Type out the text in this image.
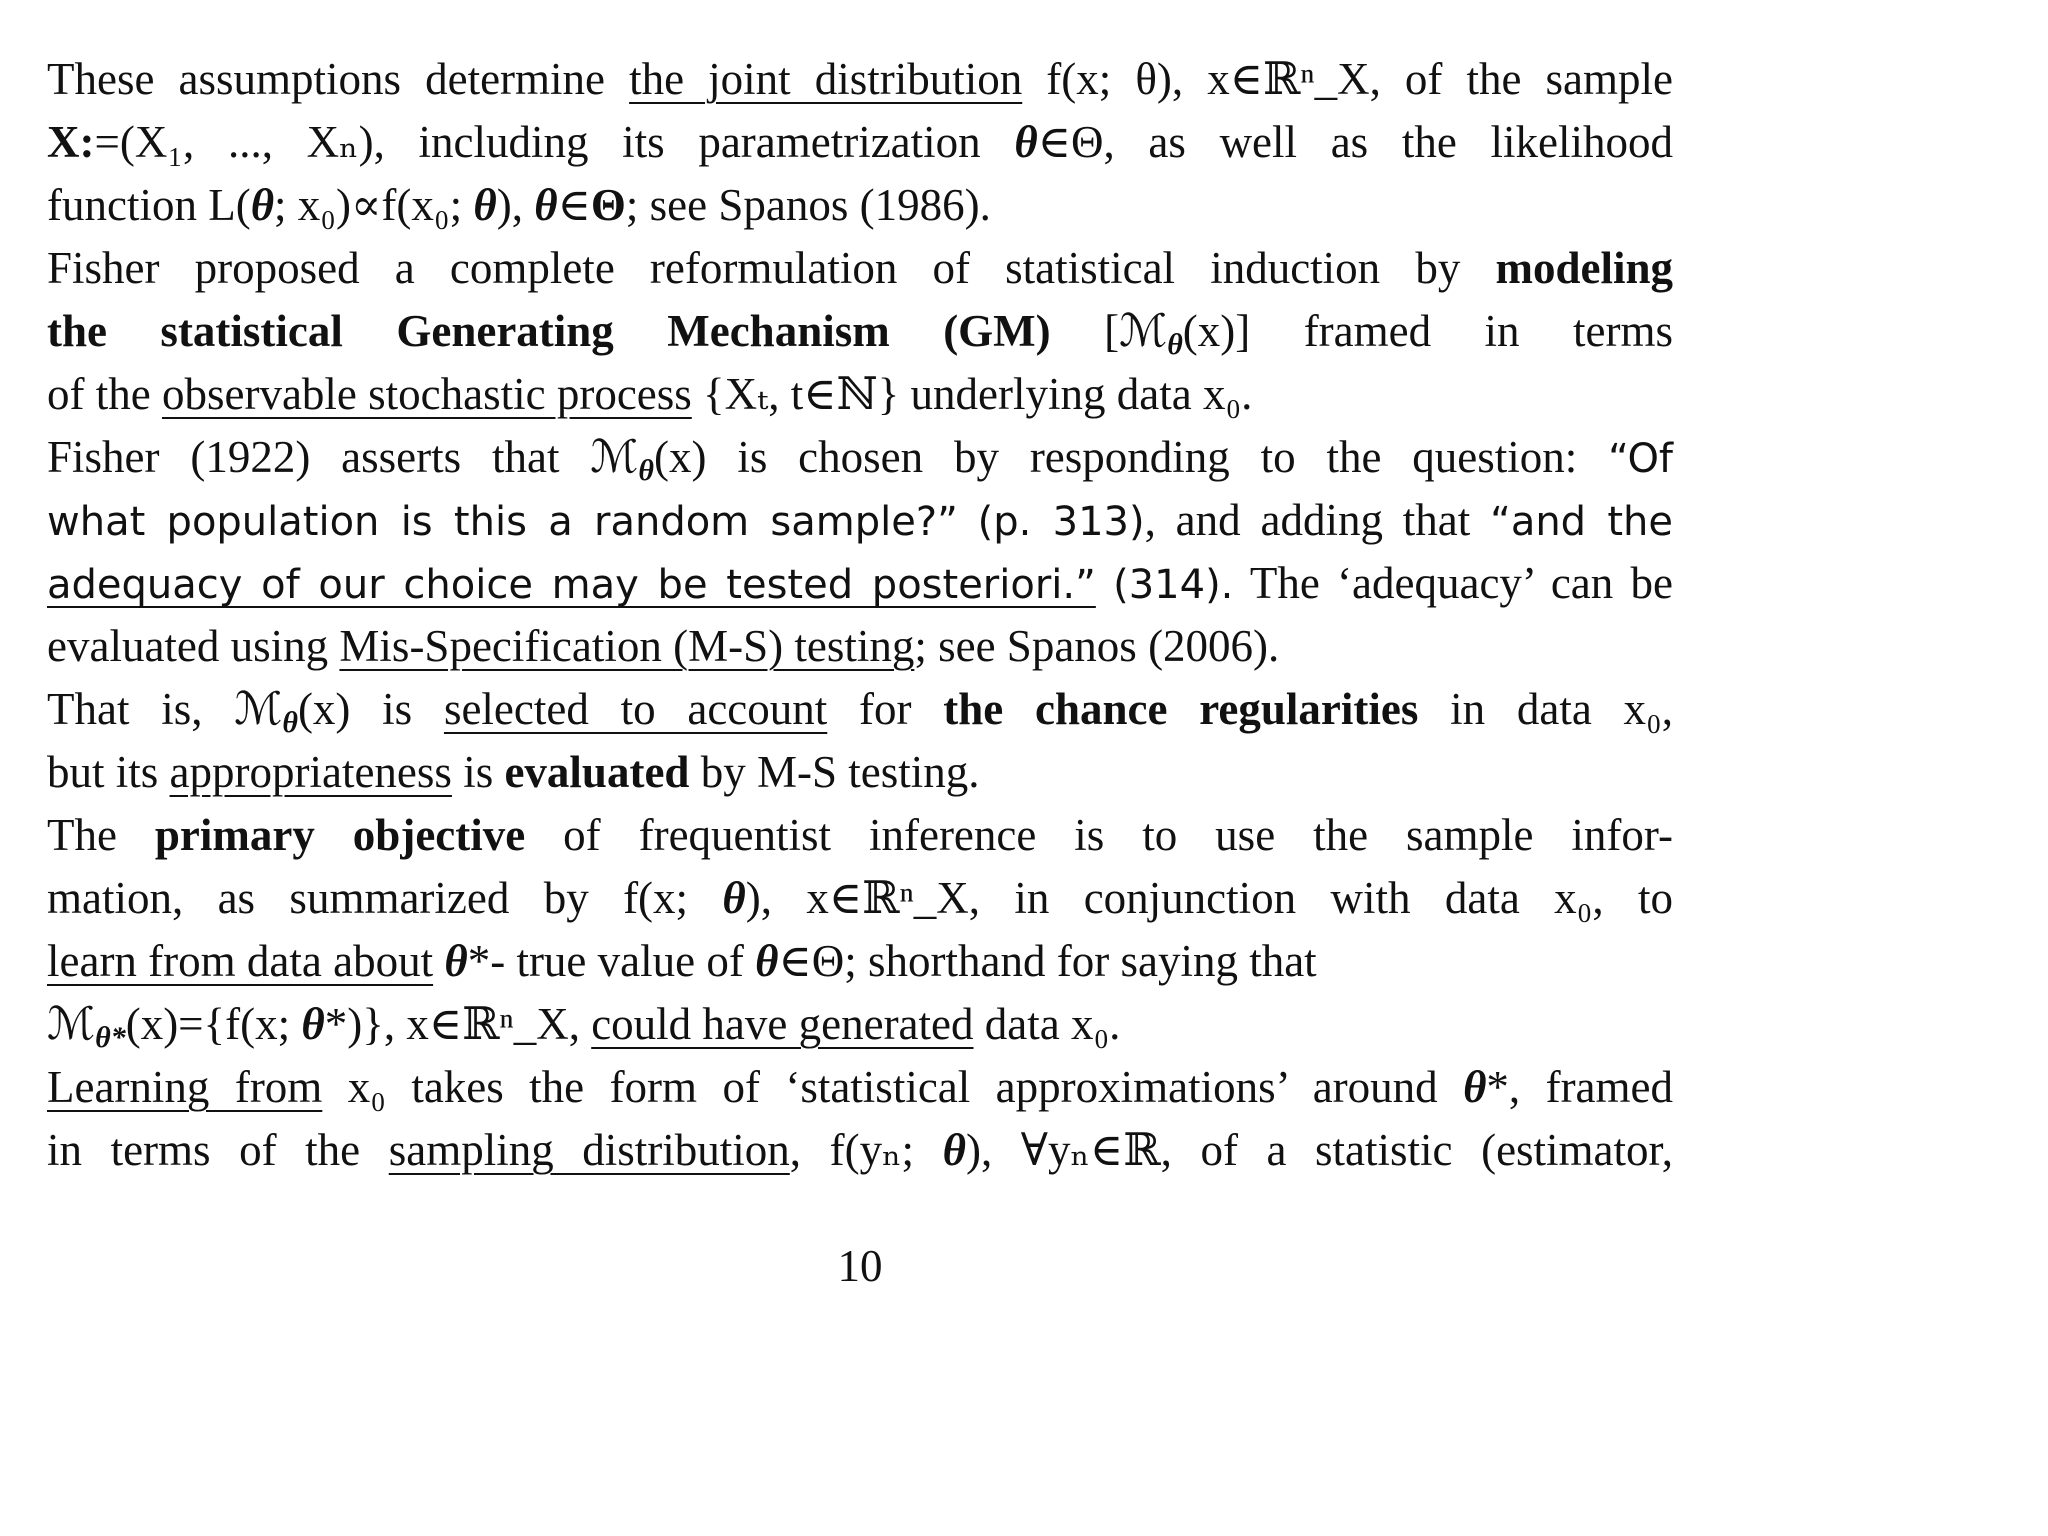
These assumptions determine the joint distribution f(x; θ), x∈ℝⁿ_X, of the sample
X:=(X₁, ..., Xₙ), including its parametrization θ∈Θ, as well as the likelihood
function L(θ; x₀)∝f(x₀; θ), θ∈Θ; see Spanos (1986).
Fisher proposed a complete reformulation of statistical induction by modeling
the statistical Generating Mechanism (GM) [ℳθ(x)] framed in terms
of the observable stochastic process {Xₜ, t∈ℕ} underlying data x₀.
Fisher (1922) asserts that ℳθ(x) is chosen by responding to the question: “Of
what population is this a random sample?” (p. 313), and adding that “and the
adequacy of our choice may be tested posteriori.” (314). The ‘adequacy’ can be
evaluated using Mis-Specification (M-S) testing; see Spanos (2006).
That is, ℳθ(x) is selected to account for the chance regularities in data x₀,
but its appropriateness is evaluated by M-S testing.
The primary objective of frequentist inference is to use the sample infor-
mation, as summarized by f(x; θ), x∈ℝⁿ_X, in conjunction with data x₀, to
learn from data about θ*- true value of θ∈Θ; shorthand for saying that
ℳθ*(x)={f(x; θ*)}, x∈ℝⁿ_X, could have generated data x₀.
Learning from x₀ takes the form of ‘statistical approximations’ around θ*, framed
in terms of the sampling distribution, f(yₙ; θ), ∀yₙ∈ℝ, of a statistic (estimator,
10
